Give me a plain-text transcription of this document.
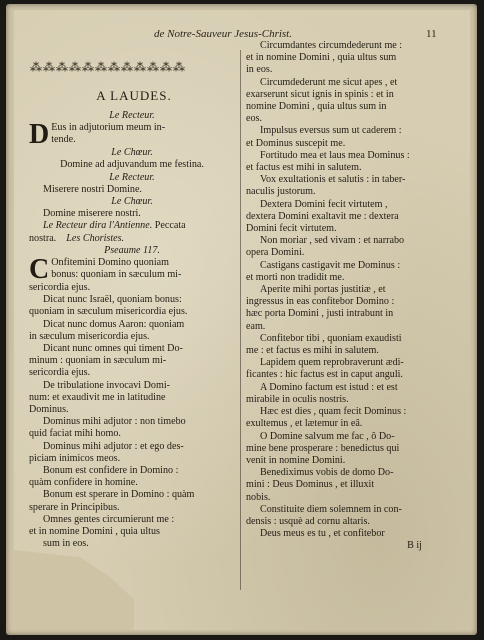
de Notre-Sauveur Jesus-Christ.	11
⁂⁂⁂⁂⁂⁂⁂⁂⁂⁂⁂⁂
A LAUDES.

Le Recteur.

D Eus in adjutorium meum in-
tende.

Le Chœur.

Domine ad adjuvandum me festina.

Le Recteur.

Miserere nostri Domine.

Le Chœur.

Domine miserere nostri.

Le Recteur dira l'Antienne. Peccata

nostra. Les Choristes.

Pseaume 117.

C Onfitemini Domino quoniam
bonus: quoniam in sæculum mi-

sericordia ejus.

Dicat nunc Israël, quoniam bonus:

quoniam in sæculum misericordia ejus.

Dicat nunc domus Aaron: quoniam

in sæculum misericordia ejus.

Dicant nunc omnes qui timent Do-

minum : quoniam in sæculum mi-

sericordia ejus.

De tribulatione invocavi Domi-

num: et exaudivit me in latitudine

Dominus.

Dominus mihi adjutor : non timebo

quid faciat mihi homo.

Dominus mihi adjutor : et ego des-

piciam inimicos meos.

Bonum est confidere in Domino :

quàm confidere in homine.

Bonum est sperare in Domino : quàm

sperare in Principibus.

Omnes gentes circumierunt me :

et in nomine Domini , quia ultus

sum in eos.

Circumdantes circumdederunt me :

et in nomine Domini , quia ultus sum

in eos.

Circumdederunt me sicut apes , et

exarserunt sicut ignis in spinis : et in

nomine Domini , quia ultus sum in

eos.

Impulsus eversus sum ut caderem :

et Dominus suscepit me.

Fortitudo mea et laus mea Dominus :

et factus est mihi in salutem.

Vox exultationis et salutis : in taber-

naculis justorum.

Dextera Domini fecit virtutem ,

dextera Domini exaltavit me : dextera

Domini fecit virtutem.

Non moriar , sed vivam : et narrabo

opera Domini.

Castigans castigavit me Dominus :

et morti non tradidit me.

Aperite mihi portas justitiæ , et

ingressus in eas confitebor Domino :

hæc porta Domini , justi intrabunt in

eam.

Confitebor tibi , quoniam exaudisti

me : et factus es mihi in salutem.

Lapidem quem reprobraverunt ædi-

ficantes : hic factus est in caput anguli.

A Domino factum est istud : et est

mirabile in oculis nostris.

Hæc est dies , quam fecit Dominus :

exultemus , et lætemur in eâ.

O Domine salvum me fac , ô Do-

mine bene prosperare : benedictus qui

venit in nomine Domini.

Benediximus vobis de domo Do-

mini : Deus Dominus , et illuxit

nobis.

Constituite diem solemnem in con-

densis : usquè ad cornu altaris.

Deus meus es tu , et confitebor

B ij
